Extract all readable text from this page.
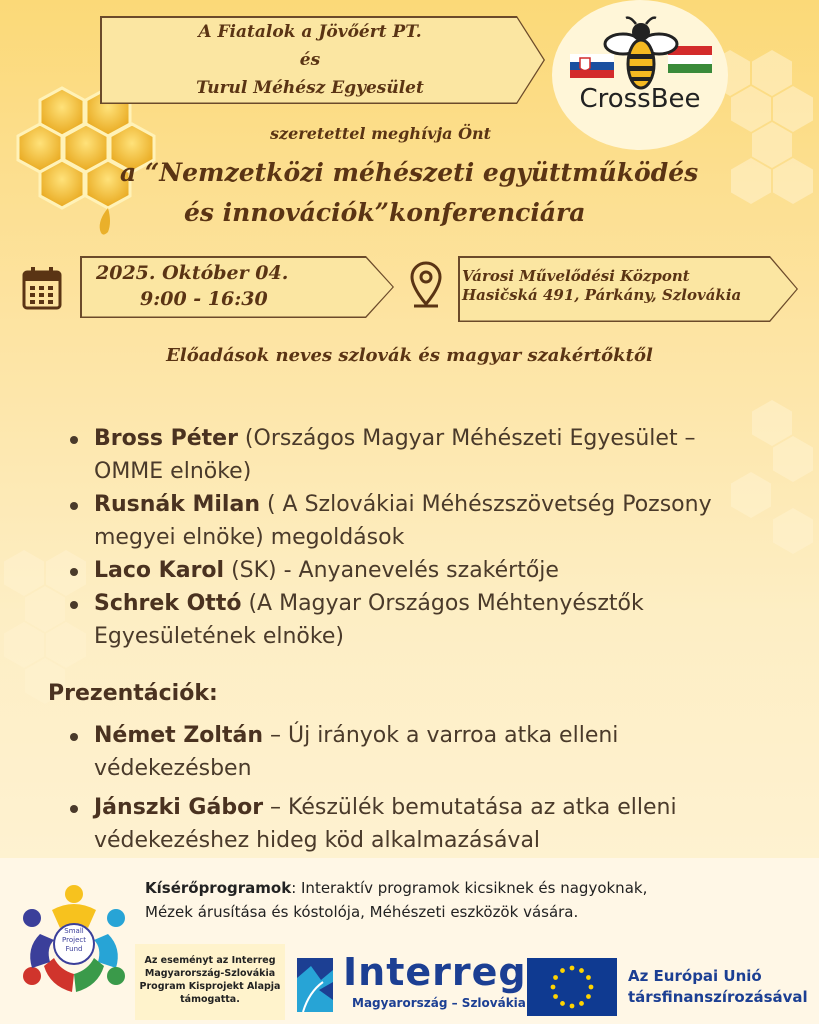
A Fiatalok a Jövőért PT.
és
Turul Méhész Egyesület	CrossBee
szeretettel meghívja Önt
a “Nemzetközi méhészeti együttműködés
és innovációk”konferenciára
2025. Október 04.
9:00 - 16:30
Városi Művelődési Központ
Hasičská 491, Párkány, Szlovákia
Előadások neves szlovák és magyar szakértőktől
Bross Péter (Országos Magyar Méhészeti Egyesület –
OMME elnöke)
Rusnák Milan ( A Szlovákiai Méhészszövetség Pozsony
megyei elnöke) megoldások
Laco Karol (SK) - Anyanevelés szakértője
Schrek Ottó (A Magyar Országos Méhtenyésztők
Egyesületének elnöke)
Prezentációk:
Német Zoltán – Új irányok a varroa atka elleni
védekezésben
Jánszki Gábor – Készülék bemutatása az atka elleni
védekezéshez hideg köd alkalmazásával
Small
Project
Fund
Kísérőprogramok: Interaktív programok kicsiknek és nagyoknak,
Mézek árusítása és kóstolója, Méhészeti eszközök vására.
Az eseményt az Interreg
Magyarország-Szlovákia
Program Kisprojekt Alapja
támogatta.
Interreg
Magyarország – Szlovákia
Az Európai Unió
társfinanszírozásával
